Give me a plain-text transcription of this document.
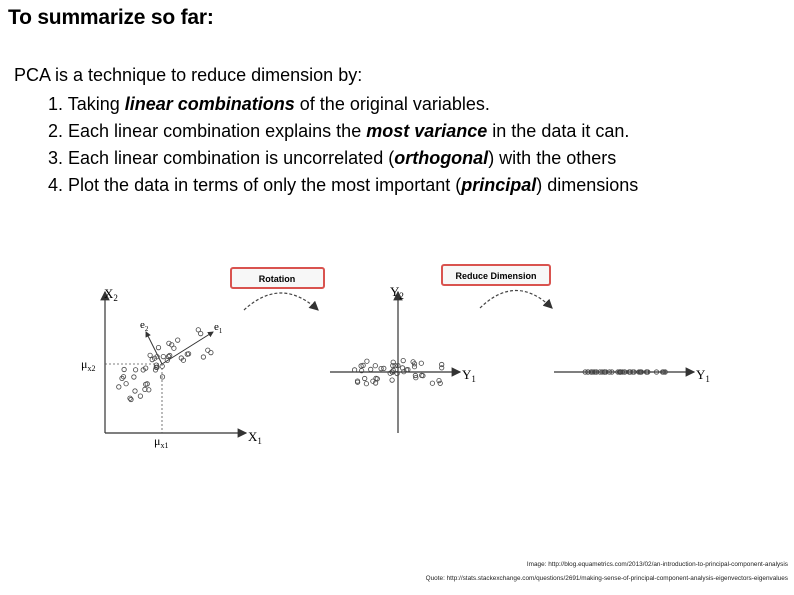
To summarize so far:
PCA is a technique to reduce dimension by:
1. Taking linear combinations of the original variables.
2. Each linear combination explains the most variance in the data it can.
3. Each linear combination is uncorrelated (orthogonal) with the others
4. Plot the data in terms of only the most important (principal) dimensions
$X_2$
$X_1$
$\mu_{x2}$
$\mu_{x1}$
$e_1$
$e_2$
Rotation
$Y_2$
$Y_1$
Reduce Dimension
$Y_1$
Image: http://blog.equametrics.com/2013/02/an-introduction-to-principal-component-analysis
Quote: http://stats.stackexchange.com/questions/2691/making-sense-of-principal-component-analysis-eigenvectors-eigenvalues
